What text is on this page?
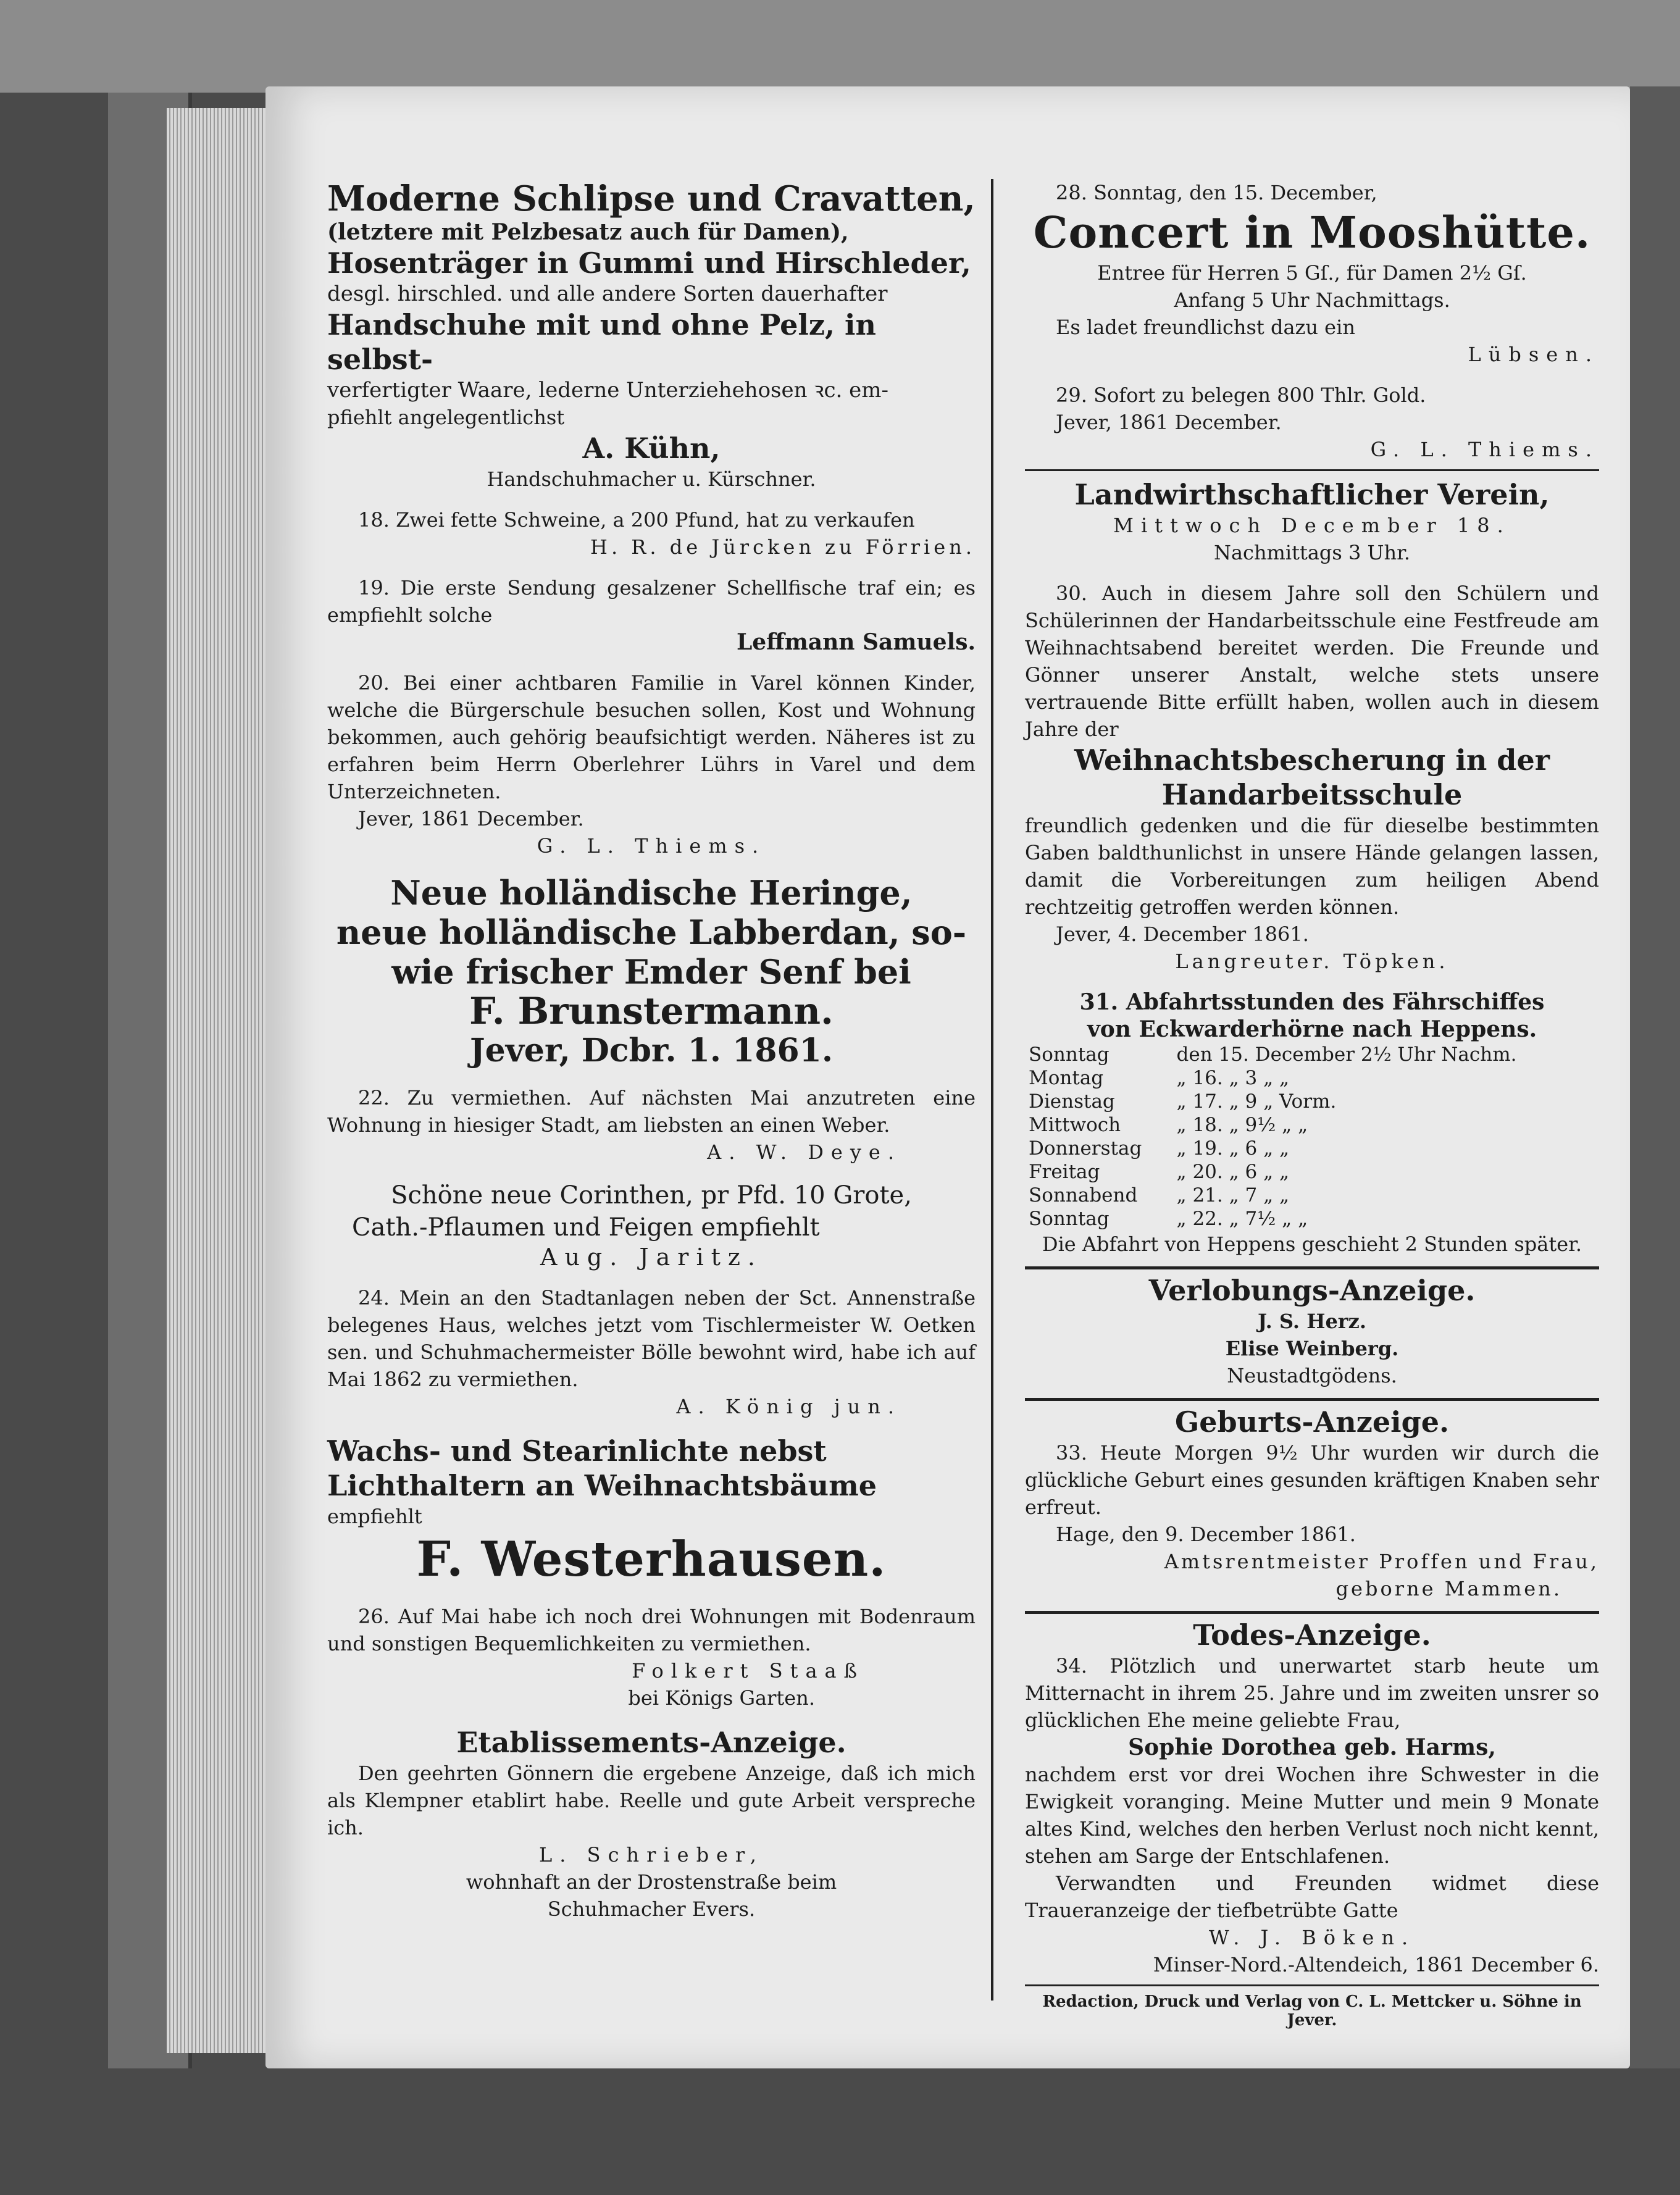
Moderne Schlipse und Cravatten,

(letztere mit Pelzbesatz auch für Damen),

Hosenträger in Gummi und Hirschleder,

desgl. hirschled. und alle andere Sorten dauerhafter

Handschuhe mit und ohne Pelz, in selbst-

verfertigter Waare, lederne Unterziehehosen ꝛc. em-

pfiehlt angelegentlichst

A. Kühn,

Handschuhmacher u. Kürschner.

18. Zwei fette Schweine, a 200 Pfund, hat zu verkaufen

H. R. de Jürcken zu Förrien.

19. Die erste Sendung gesalzener Schellfische traf ein; es empfiehlt solche

Leffmann Samuels.

20. Bei einer achtbaren Familie in Varel können Kinder, welche die Bürgerschule besuchen sollen, Kost und Wohnung bekommen, auch gehörig beaufsichtigt werden. Näheres ist zu erfahren beim Herrn Oberlehrer Lührs in Varel und dem Unterzeichneten.

Jever, 1861 December.

G. L. Thiems.

Neue holländische Heringe,

neue holländische Labberdan, so-

wie frischer Emder Senf bei

F. Brunstermann.

Jever, Dcbr. 1. 1861.

22. Zu vermiethen. Auf nächsten Mai anzutreten eine Wohnung in hiesiger Stadt, am liebsten an einen Weber.

A. W. Deye.

Schöne neue Corinthen, pr Pfd. 10 Grote,

Cath.-Pflaumen und Feigen empfiehlt

Aug. Jaritz.

24. Mein an den Stadtanlagen neben der Sct. Annenstraße belegenes Haus, welches jetzt vom Tischlermeister W. Oetken sen. und Schuhmachermeister Bölle bewohnt wird, habe ich auf Mai 1862 zu vermiethen.

A. König jun.

Wachs- und Stearinlichte nebst

Lichthaltern an Weihnachtsbäume

empfiehlt

F. Westerhausen.

26. Auf Mai habe ich noch drei Wohnungen mit Bodenraum und sonstigen Bequemlichkeiten zu vermiethen.

Folkert Staaß

bei Königs Garten.

Etablissements-Anzeige.

Den geehrten Gönnern die ergebene Anzeige, daß ich mich als Klempner etablirt habe. Reelle und gute Arbeit verspreche ich.

L. Schrieber,

wohnhaft an der Drostenstraße beim

Schuhmacher Evers.

28. Sonntag, den 15. December,

Concert in Mooshütte.

Entree für Herren 5 Gſ., für Damen 2½ Gſ.

Anfang 5 Uhr Nachmittags.

Es ladet freundlichst dazu ein

Lübsen.

29. Sofort zu belegen 800 Thlr. Gold.

Jever, 1861 December.

G. L. Thiems.

Landwirthschaftlicher Verein,

Mittwoch December 18.

Nachmittags 3 Uhr.

30. Auch in diesem Jahre soll den Schülern und Schülerinnen der Handarbeitsschule eine Festfreude am Weihnachtsabend bereitet werden. Die Freunde und Gönner unserer Anstalt, welche stets unsere vertrauende Bitte erfüllt haben, wollen auch in diesem Jahre der

Weihnachtsbescherung in der

Handarbeitsschule

freundlich gedenken und die für dieselbe bestimmten Gaben baldthunlichst in unsere Hände gelangen lassen, damit die Vorbereitungen zum heiligen Abend rechtzeitig getroffen werden können.

Jever, 4. December 1861.

Langreuter. Töpken.

31. Abfahrtsstunden des Fährschiffes

von Eckwarderhörne nach Heppens.

Sonntag	den 15. December 2½ Uhr Nachm.
Montag	„ 16. „ 3 „ „
Dienstag	„ 17. „ 9 „ Vorm.
Mittwoch	„ 18. „ 9½ „ „
Donnerstag	„ 19. „ 6 „ „
Freitag	„ 20. „ 6 „ „
Sonnabend	„ 21. „ 7 „ „
Sonntag	„ 22. „ 7½ „ „

Die Abfahrt von Heppens geschieht 2 Stunden später.

Verlobungs-Anzeige.

J. S. Herz.

Elise Weinberg.

Neustadtgödens.

Geburts-Anzeige.

33. Heute Morgen 9½ Uhr wurden wir durch die glückliche Geburt eines gesunden kräftigen Knaben sehr erfreut.

Hage, den 9. December 1861.

Amtsrentmeister Proffen und Frau,

geborne Mammen.

Todes-Anzeige.

34. Plötzlich und unerwartet starb heute um Mitternacht in ihrem 25. Jahre und im zweiten unsrer so glücklichen Ehe meine geliebte Frau,

Sophie Dorothea geb. Harms,

nachdem erst vor drei Wochen ihre Schwester in die Ewigkeit voranging. Meine Mutter und mein 9 Monate altes Kind, welches den herben Verlust noch nicht kennt, stehen am Sarge der Entschlafenen.

Verwandten und Freunden widmet diese Traueranzeige der tiefbetrübte Gatte

W. J. Böken.

Minser-Nord.-Altendeich, 1861 December 6.

Redaction, Druck und Verlag von C. L. Mettcker u. Söhne in Jever.
